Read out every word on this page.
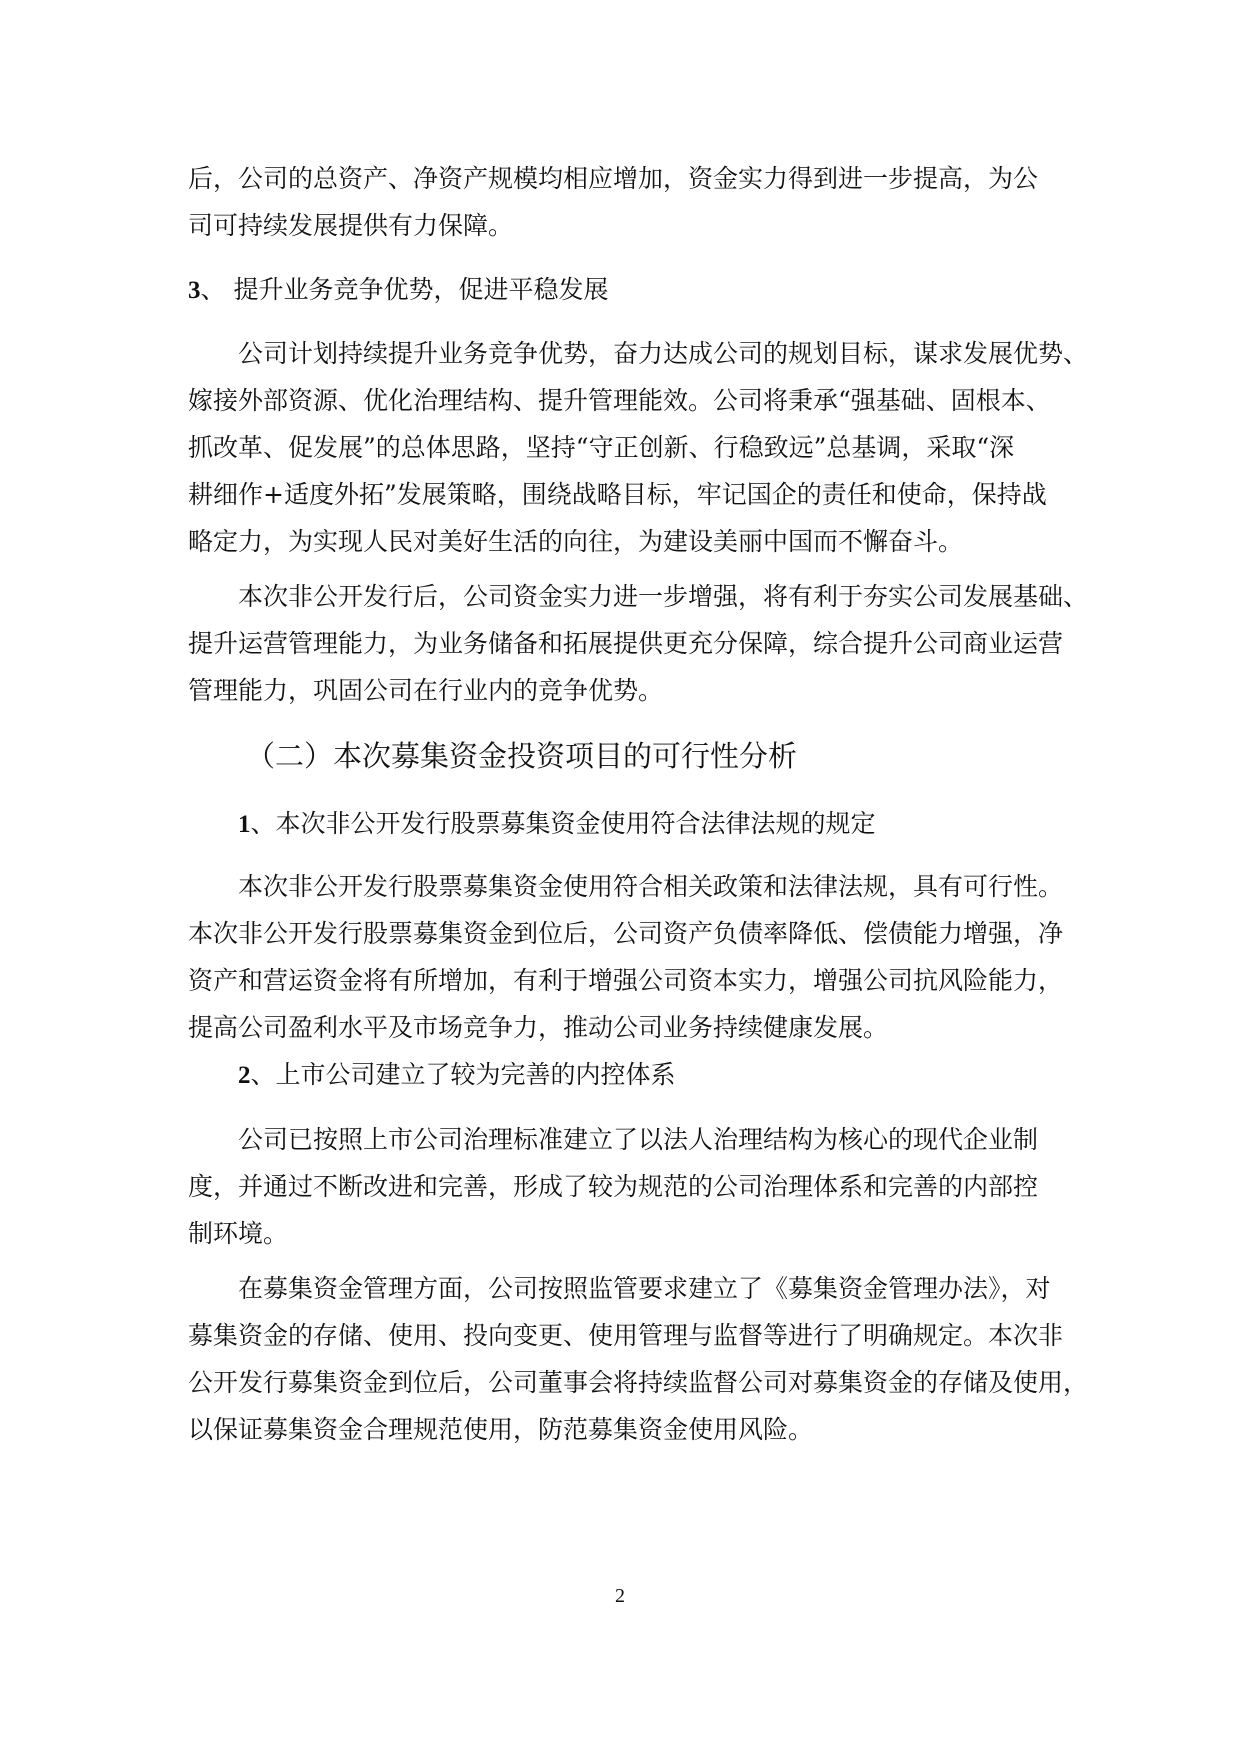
后，公司的总资产、净资产规模均相应增加，资金实力得到进一步提高，为公
司可持续发展提供有力保障。
3、 提升业务竞争优势，促进平稳发展
公司计划持续提升业务竞争优势，奋力达成公司的规划目标，谋求发展优势、
嫁接外部资源、优化治理结构、提升管理能效。公司将秉承“强基础、固根本、
抓改革、促发展”的总体思路，坚持“守正创新、行稳致远”总基调，采取“深
耕细作+适度外拓”发展策略，围绕战略目标，牢记国企的责任和使命，保持战
略定力，为实现人民对美好生活的向往，为建设美丽中国而不懈奋斗。
本次非公开发行后，公司资金实力进一步增强，将有利于夯实公司发展基础、
提升运营管理能力，为业务储备和拓展提供更充分保障，综合提升公司商业运营
管理能力，巩固公司在行业内的竞争优势。
（二）本次募集资金投资项目的可行性分析
1、本次非公开发行股票募集资金使用符合法律法规的规定
本次非公开发行股票募集资金使用符合相关政策和法律法规，具有可行性。
本次非公开发行股票募集资金到位后，公司资产负债率降低、偿债能力增强，净
资产和营运资金将有所增加，有利于增强公司资本实力，增强公司抗风险能力，
提高公司盈利水平及市场竞争力，推动公司业务持续健康发展。
2、上市公司建立了较为完善的内控体系
公司已按照上市公司治理标准建立了以法人治理结构为核心的现代企业制
度，并通过不断改进和完善，形成了较为规范的公司治理体系和完善的内部控
制环境。
在募集资金管理方面，公司按照监管要求建立了《募集资金管理办法》，对
募集资金的存储、使用、投向变更、使用管理与监督等进行了明确规定。本次非
公开发行募集资金到位后，公司董事会将持续监督公司对募集资金的存储及使用，
以保证募集资金合理规范使用，防范募集资金使用风险。
2
